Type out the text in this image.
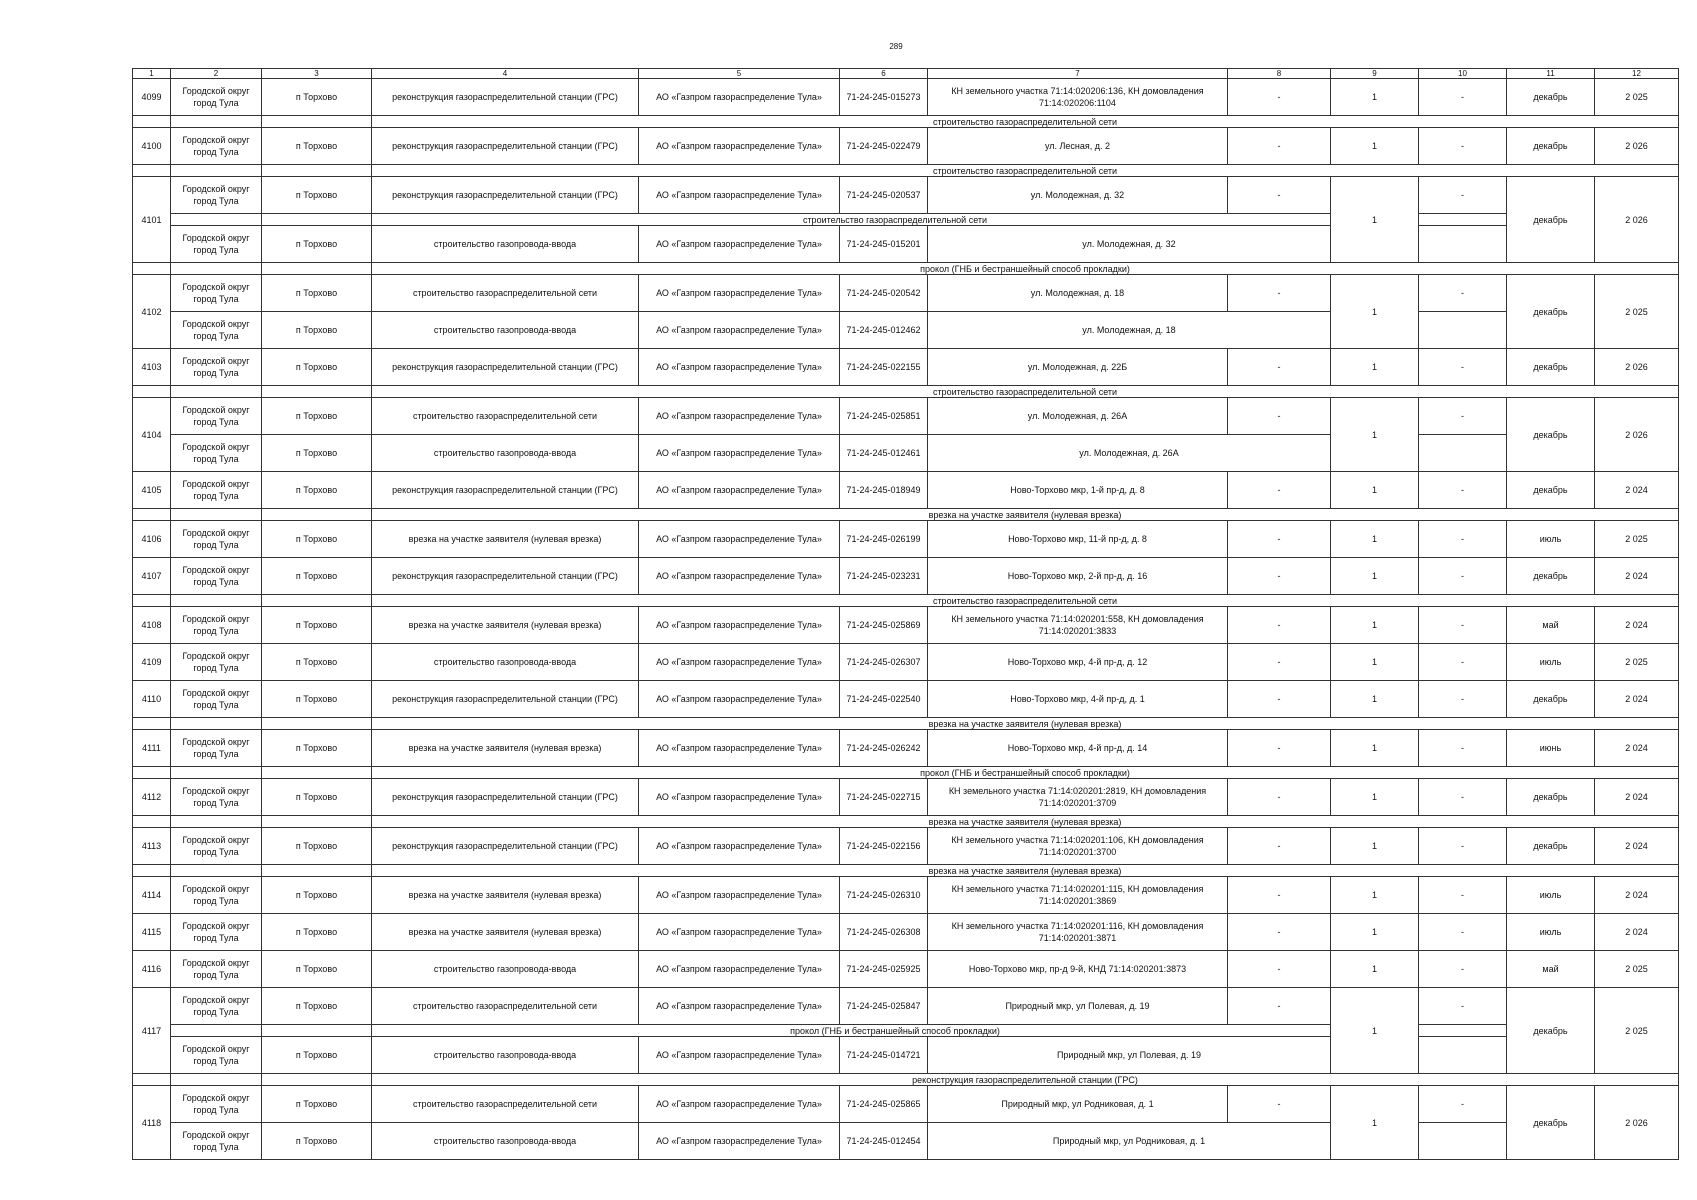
289
1	2	3	4	5	6	7	8	9	10	11	12
4099	Городской округ город Тула	п Торхово	реконструкция газораспределительной станции (ГРС)	АО «Газпром газораспределение Тула»	71-24-245-015273	КН земельного участка 71:14:020206:136, КН домовладения 71:14:020206:1104	-	1	-	декабрь	2 025
			строительство газораспределительной сети								
4100	Городской округ город Тула	п Торхово	реконструкция газораспределительной станции (ГРС)	АО «Газпром газораспределение Тула»	71-24-245-022479	ул. Лесная, д. 2	-	1	-	декабрь	2 026
			строительство газораспределительной сети								
4101	Городской округ город Тула	п Торхово	реконструкция газораспределительной станции (ГРС)	АО «Газпром газораспределение Тула»	71-24-245-020537	ул. Молодежная, д. 32	-	1	-	декабрь	2 026
			строительство газораспределительной сети								
	Городской округ город Тула	п Торхово	строительство газопровода-ввода	АО «Газпром газораспределение Тула»	71-24-245-015201	ул. Молодежная, д. 32					
			прокол (ГНБ и бестраншейный способ прокладки)								
4102	Городской округ город Тула	п Торхово	строительство газораспределительной сети	АО «Газпром газораспределение Тула»	71-24-245-020542	ул. Молодежная, д. 18	-	1	-	декабрь	2 025
	Городской округ город Тула	п Торхово	строительство газопровода-ввода	АО «Газпром газораспределение Тула»	71-24-245-012462	ул. Молодежная, д. 18					
4103	Городской округ город Тула	п Торхово	реконструкция газораспределительной станции (ГРС)	АО «Газпром газораспределение Тула»	71-24-245-022155	ул. Молодежная, д. 22Б	-	1	-	декабрь	2 026
			строительство газораспределительной сети								
4104	Городской округ город Тула	п Торхово	строительство газораспределительной сети	АО «Газпром газораспределение Тула»	71-24-245-025851	ул. Молодежная, д. 26А	-	1	-	декабрь	2 026
	Городской округ город Тула	п Торхово	строительство газопровода-ввода	АО «Газпром газораспределение Тула»	71-24-245-012461	ул. Молодежная, д. 26А					
4105	Городской округ город Тула	п Торхово	реконструкция газораспределительной станции (ГРС)	АО «Газпром газораспределение Тула»	71-24-245-018949	Ново-Торхово мкр, 1-й пр-д, д. 8	-	1	-	декабрь	2 024
			врезка на участке заявителя (нулевая врезка)								
4106	Городской округ город Тула	п Торхово	врезка на участке заявителя (нулевая врезка)	АО «Газпром газораспределение Тула»	71-24-245-026199	Ново-Торхово мкр, 11-й пр-д, д. 8	-	1	-	июль	2 025
4107	Городской округ город Тула	п Торхово	реконструкция газораспределительной станции (ГРС)	АО «Газпром газораспределение Тула»	71-24-245-023231	Ново-Торхово мкр, 2-й пр-д, д. 16	-	1	-	декабрь	2 024
			строительство газораспределительной сети								
4108	Городской округ город Тула	п Торхово	врезка на участке заявителя (нулевая врезка)	АО «Газпром газораспределение Тула»	71-24-245-025869	КН земельного участка 71:14:020201:558, КН домовладения 71:14:020201:3833	-	1	-	май	2 024
4109	Городской округ город Тула	п Торхово	строительство газопровода-ввода	АО «Газпром газораспределение Тула»	71-24-245-026307	Ново-Торхово мкр, 4-й пр-д, д. 12	-	1	-	июль	2 025
4110	Городской округ город Тула	п Торхово	реконструкция газораспределительной станции (ГРС)	АО «Газпром газораспределение Тула»	71-24-245-022540	Ново-Торхово мкр, 4-й пр-д, д. 1	-	1	-	декабрь	2 024
			врезка на участке заявителя (нулевая врезка)								
4111	Городской округ город Тула	п Торхово	врезка на участке заявителя (нулевая врезка)	АО «Газпром газораспределение Тула»	71-24-245-026242	Ново-Торхово мкр, 4-й пр-д, д. 14	-	1	-	июнь	2 024
			прокол (ГНБ и бестраншейный способ прокладки)								
4112	Городской округ город Тула	п Торхово	реконструкция газораспределительной станции (ГРС)	АО «Газпром газораспределение Тула»	71-24-245-022715	КН земельного участка 71:14:020201:2819, КН домовладения 71:14:020201:3709	-	1	-	декабрь	2 024
			врезка на участке заявителя (нулевая врезка)								
4113	Городской округ город Тула	п Торхово	реконструкция газораспределительной станции (ГРС)	АО «Газпром газораспределение Тула»	71-24-245-022156	КН земельного участка 71:14:020201:106, КН домовладения 71:14:020201:3700	-	1	-	декабрь	2 024
			врезка на участке заявителя (нулевая врезка)								
4114	Городской округ город Тула	п Торхово	врезка на участке заявителя (нулевая врезка)	АО «Газпром газораспределение Тула»	71-24-245-026310	КН земельного участка 71:14:020201:115, КН домовладения 71:14:020201:3869	-	1	-	июль	2 024
4115	Городской округ город Тула	п Торхово	врезка на участке заявителя (нулевая врезка)	АО «Газпром газораспределение Тула»	71-24-245-026308	КН земельного участка 71:14:020201:116, КН домовладения 71:14:020201:3871	-	1	-	июль	2 024
4116	Городской округ город Тула	п Торхово	строительство газопровода-ввода	АО «Газпром газораспределение Тула»	71-24-245-025925	Ново-Торхово мкр, пр-д 9-й, КНД 71:14:020201:3873	-	1	-	май	2 025
4117	Городской округ город Тула	п Торхово	строительство газораспределительной сети	АО «Газпром газораспределение Тула»	71-24-245-025847	Природный мкр, ул Полевая, д. 19	-	1	-	декабрь	2 025
			прокол (ГНБ и бестраншейный способ прокладки)								
	Городской округ город Тула	п Торхово	строительство газопровода-ввода	АО «Газпром газораспределение Тула»	71-24-245-014721	Природный мкр, ул Полевая, д. 19					
			реконструкция газораспределительной станции (ГРС)								
4118	Городской округ город Тула	п Торхово	строительство газораспределительной сети	АО «Газпром газораспределение Тула»	71-24-245-025865	Природный мкр, ул Родниковая, д. 1	-	1	-	декабрь	2 026
	Городской округ город Тула	п Торхово	строительство газопровода-ввода	АО «Газпром газораспределение Тула»	71-24-245-012454	Природный мкр, ул Родниковая, д. 1					
